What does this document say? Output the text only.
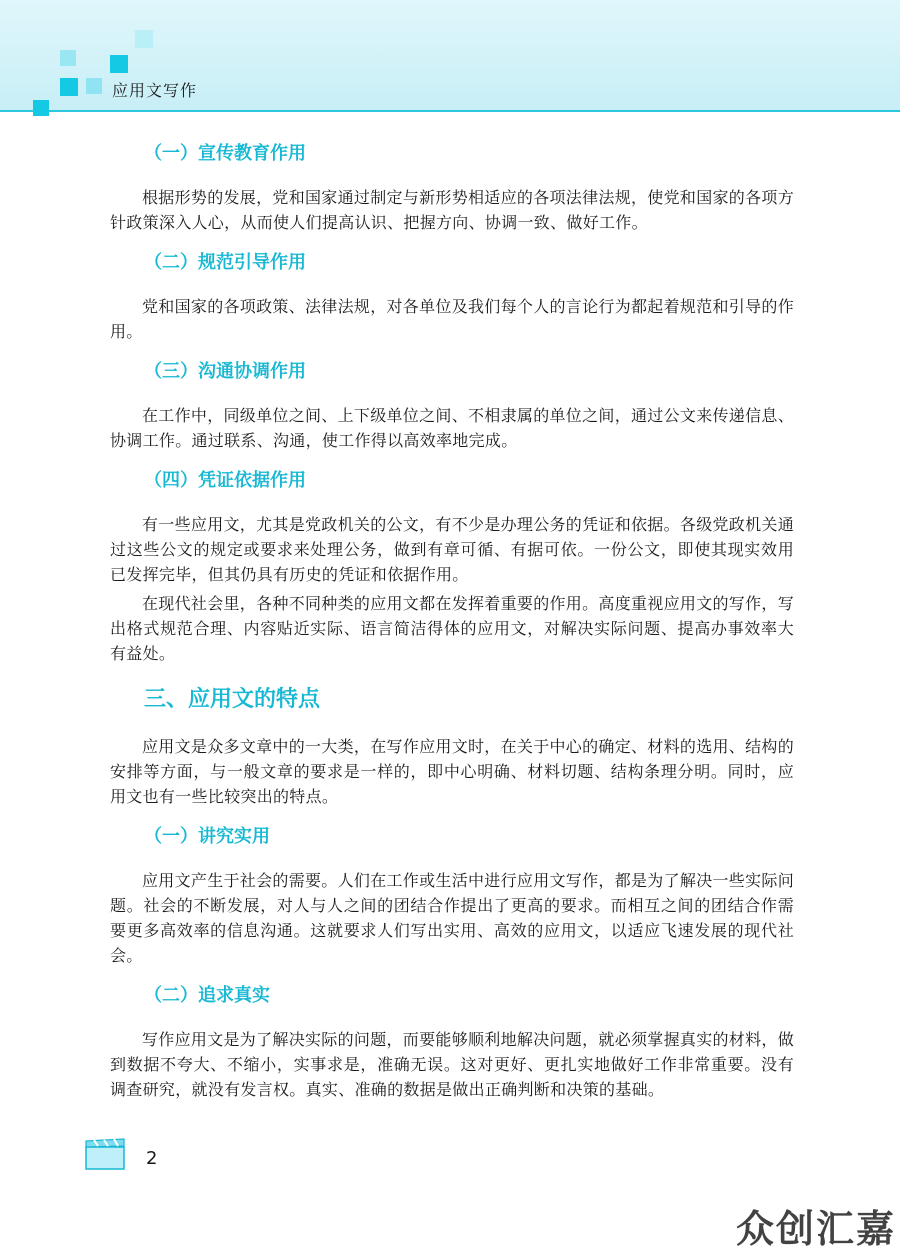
应用文写作
（一）宣传教育作用

根据形势的发展，党和国家通过制定与新形势相适应的各项法律法规，使党和国家的各项方针政策深入人心，从而使人们提高认识、把握方向、协调一致、做好工作。

（二）规范引导作用

党和国家的各项政策、法律法规，对各单位及我们每个人的言论行为都起着规范和引导的作用。

（三）沟通协调作用

在工作中，同级单位之间、上下级单位之间、不相隶属的单位之间，通过公文来传递信息、协调工作。通过联系、沟通，使工作得以高效率地完成。

（四）凭证依据作用

有一些应用文，尤其是党政机关的公文，有不少是办理公务的凭证和依据。各级党政机关通过这些公文的规定或要求来处理公务，做到有章可循、有据可依。一份公文，即使其现实效用已发挥完毕，但其仍具有历史的凭证和依据作用。

在现代社会里，各种不同种类的应用文都在发挥着重要的作用。高度重视应用文的写作，写出格式规范合理、内容贴近实际、语言简洁得体的应用文，对解决实际问题、提高办事效率大有益处。

三、应用文的特点

应用文是众多文章中的一大类，在写作应用文时，在关于中心的确定、材料的选用、结构的安排等方面，与一般文章的要求是一样的，即中心明确、材料切题、结构条理分明。同时，应用文也有一些比较突出的特点。

（一）讲究实用

应用文产生于社会的需要。人们在工作或生活中进行应用文写作，都是为了解决一些实际问题。社会的不断发展，对人与人之间的团结合作提出了更高的要求。而相互之间的团结合作需要更多高效率的信息沟通。这就要求人们写出实用、高效的应用文，以适应飞速发展的现代社会。

（二）追求真实

写作应用文是为了解决实际的问题，而要能够顺利地解决问题，就必须掌握真实的材料，做到数据不夸大、不缩小，实事求是，准确无误。这对更好、更扎实地做好工作非常重要。没有调查研究，就没有发言权。真实、准确的数据是做出正确判断和决策的基础。

2
众创汇嘉
